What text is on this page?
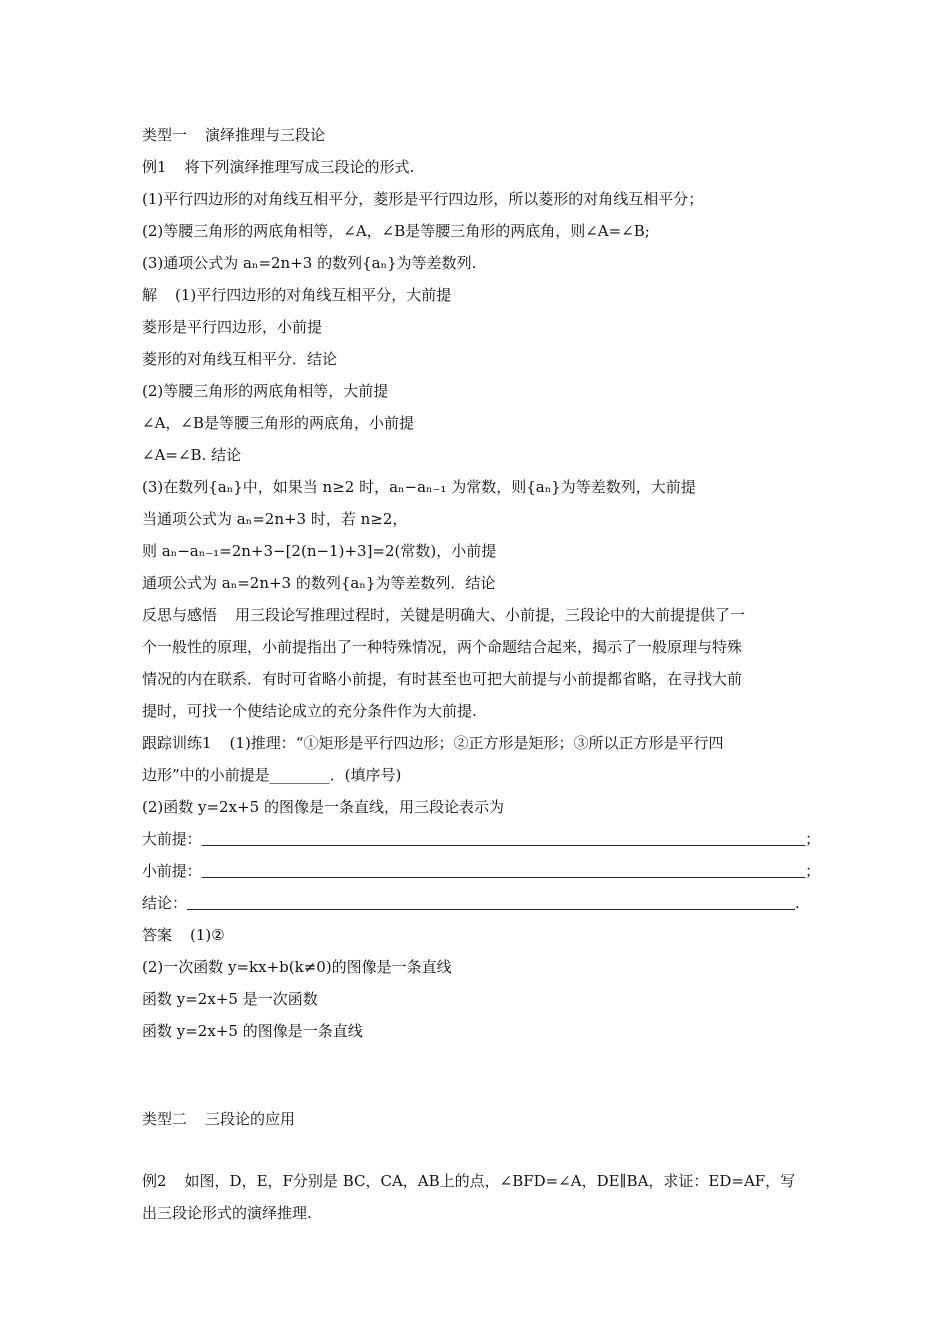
类型一 演绎推理与三段论
例1 将下列演绎推理写成三段论的形式.
(1)平行四边形的对角线互相平分，菱形是平行四边形，所以菱形的对角线互相平分；
(2)等腰三角形的两底角相等，∠A，∠B是等腰三角形的两底角，则∠A=∠B;
(3)通项公式为 aₙ=2n+3 的数列{aₙ}为等差数列.
解 (1)平行四边形的对角线互相平分，大前提
菱形是平行四边形，小前提
菱形的对角线互相平分．结论
(2)等腰三角形的两底角相等，大前提
∠A，∠B是等腰三角形的两底角，小前提
∠A=∠B. 结论
(3)在数列{aₙ}中，如果当 n≥2 时，aₙ−aₙ₋₁ 为常数，则{aₙ}为等差数列，大前提
当通项公式为 aₙ=2n+3 时，若 n≥2，
则 aₙ−aₙ₋₁=2n+3−[2(n−1)+3]=2(常数)，小前提
通项公式为 aₙ=2n+3 的数列{aₙ}为等差数列．结论
反思与感悟 用三段论写推理过程时，关键是明确大、小前提，三段论中的大前提提供了一
个一般性的原理，小前提指出了一种特殊情况，两个命题结合起来，揭示了一般原理与特殊
情况的内在联系．有时可省略小前提，有时甚至也可把大前提与小前提都省略，在寻找大前
提时，可找一个使结论成立的充分条件作为大前提.
跟踪训练1 (1)推理：“①矩形是平行四边形；②正方形是矩形；③所以正方形是平行四
边形”中的小前提是________．(填序号)
(2)函数 y=2x+5 的图像是一条直线，用三段论表示为
大前提：	；
小前提：	；
结论：	.
答案 (1)②
(2)一次函数 y=kx+b(k≠0)的图像是一条直线
函数 y=2x+5 是一次函数
函数 y=2x+5 的图像是一条直线
类型二 三段论的应用
例2 如图，D，E，F分别是 BC，CA，AB上的点，∠BFD=∠A，DE∥BA，求证：ED=AF，写
出三段论形式的演绎推理.
